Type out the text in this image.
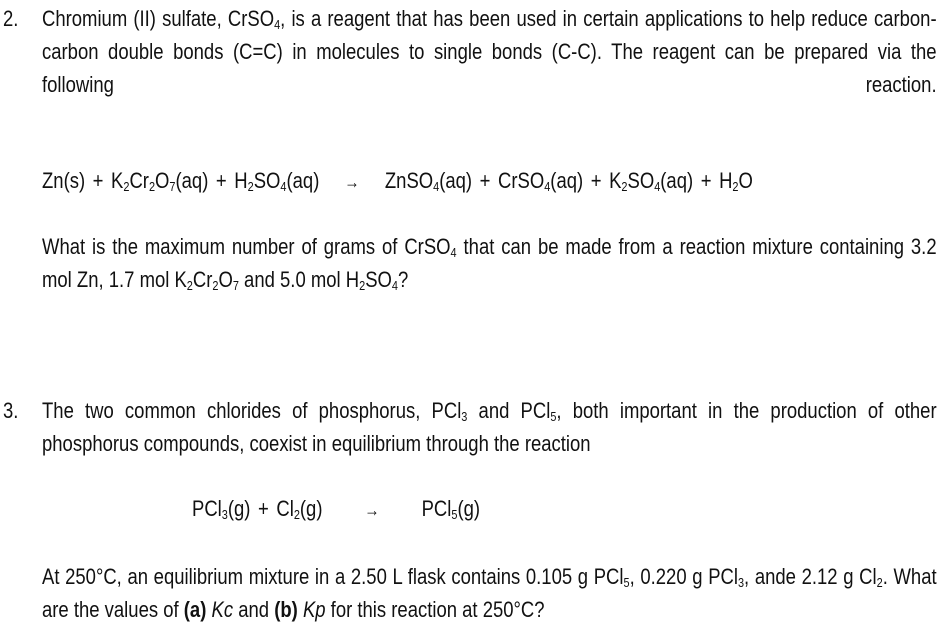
2. Chromium (II) sulfate, CrSO$_4$, is a reagent that has been used in certain applications to help reduce carbon-carbon double bonds (C=C) in molecules to single bonds (C-C). The reagent can be prepared via the following reaction.
$Zn(s) + K_2Cr_2O_7(aq) + H_2SO_4(aq)$ → ZnSO$_4$(aq) + CrSO$_4$(aq) + $K_2SO_4(aq) + H_2O$
What is the maximum number of grams of CrSO$_4$ that can be made from a reaction mixture containing 3.2 mol Zn, 1.7 mol $K_2Cr_2O_7$ and 5.0 mol $H_2SO_4$?
3. The two common chlorides of phosphorus, PCl$_3$ and PCl$_5$, both important in the production of other phosphorus compounds, coexist in equilibrium through the reaction
$PCl_3(g) + Cl_2(g) \to PCl_5(g)$
At 250°C, an equilibrium mixture in a 2.50 L flask contains 0.105 g PCl$_5$, 0.220 g PCl$_3$, ande 2.12 g $Cl_2$. What are the values of (a) Kc and (b) Kp for this reaction at 250°C?
